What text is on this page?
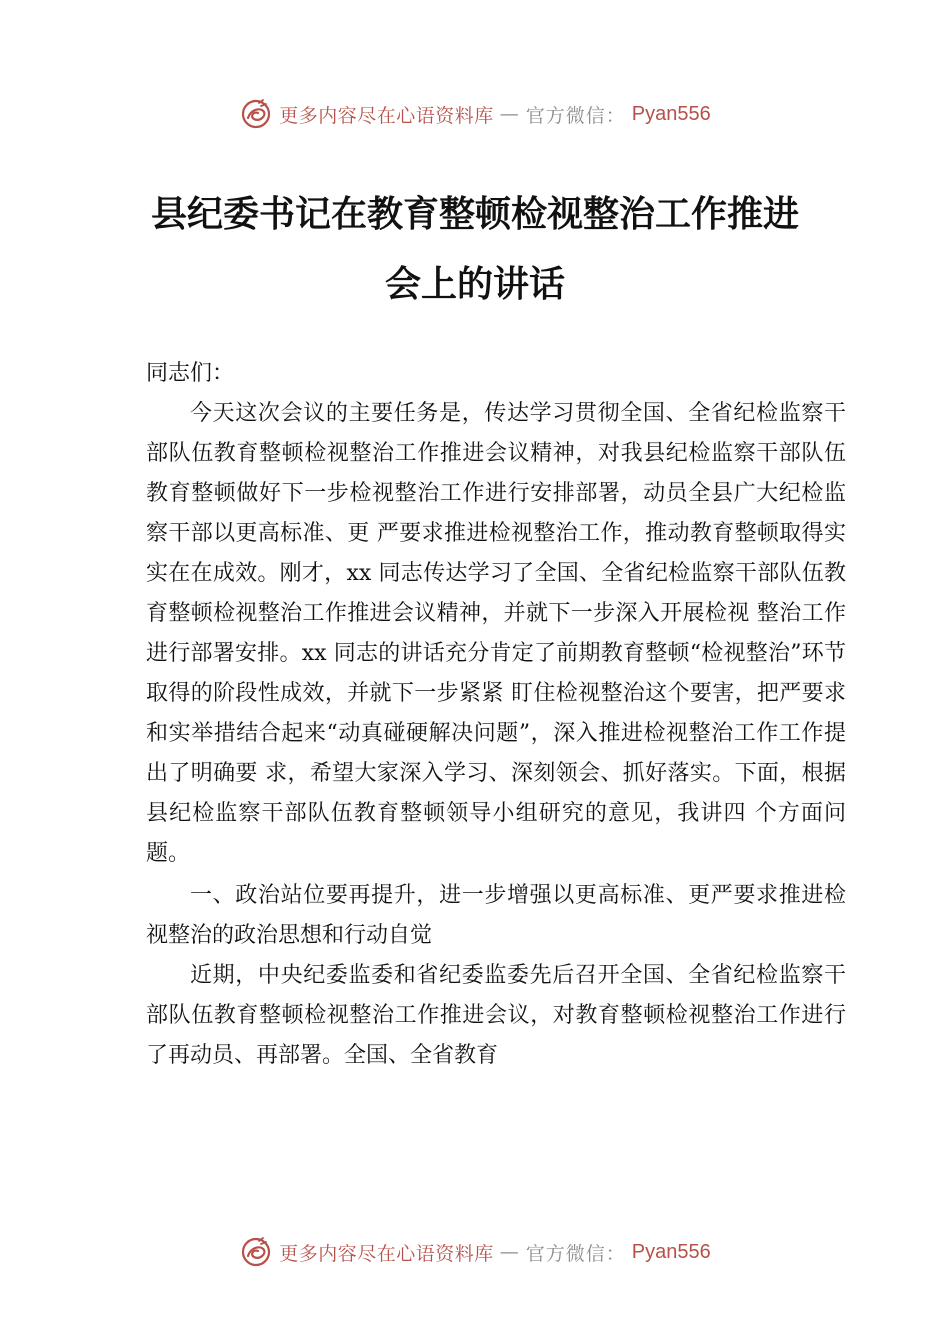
更多内容尽在心语资料库 — 官方微信： Pyan556
县纪委书记在教育整顿检视整治工作推进
会上的讲话

同志们：

今天这次会议的主要任务是，传达学习贯彻全国、全省纪检监察干部队伍教育整顿检视整治工作推进会议精神，对我县纪检监察干部队伍教育整顿做好下一步检视整治工作进行安排部署，动员全县广大纪检监察干部以更高标准、更 严要求推进检视整治工作，推动教育整顿取得实实在在成效。刚才，xx 同志传达学习了全国、全省纪检监察干部队伍教育整顿检视整治工作推进会议精神，并就下一步深入开展检视 整治工作进行部署安排。xx 同志的讲话充分肯定了前期教育整顿“检视整治”环节取得的阶段性成效，并就下一步紧紧 盯住检视整治这个要害，把严要求和实举措结合起来“动真碰硬解决问题”，深入推进检视整治工作工作提出了明确要 求，希望大家深入学习、深刻领会、抓好落实。下面，根据 县纪检监察干部队伍教育整顿领导小组研究的意见，我讲四 个方面问题。

一、政治站位要再提升，进一步增强以更高标准、更严要求推进检视整治的政治思想和行动自觉

近期，中央纪委监委和省纪委监委先后召开全国、全省纪检监察干部队伍教育整顿检视整治工作推进会议，对教育整顿检视整治工作进行了再动员、再部署。全国、全省教育

更多内容尽在心语资料库 — 官方微信： Pyan556
